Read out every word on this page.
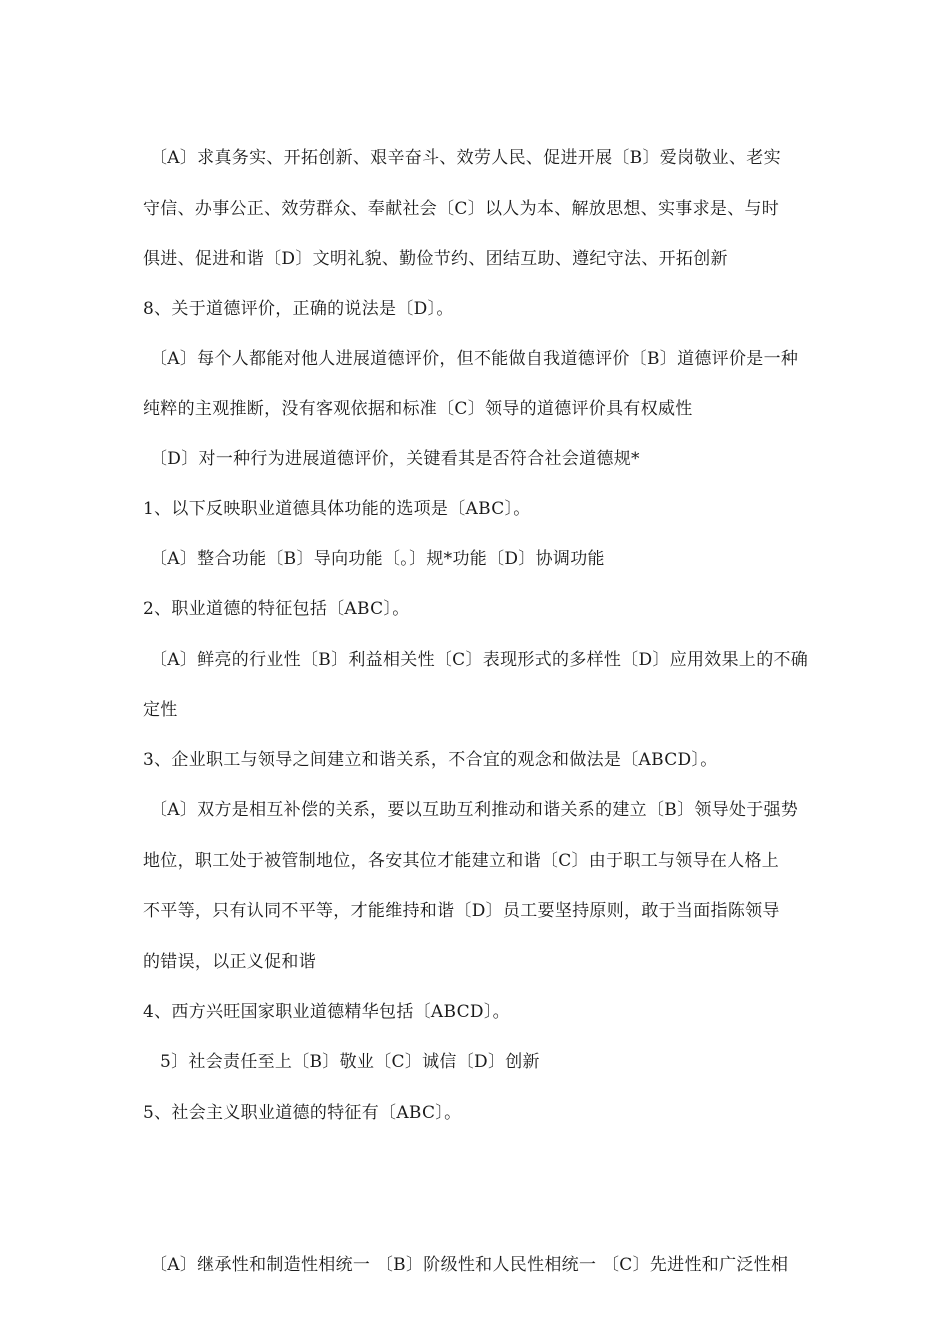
〔A〕求真务实、开拓创新、艰辛奋斗、效劳人民、促进开展〔B〕爱岗敬业、老实
守信、办事公正、效劳群众、奉献社会〔C〕以人为本、解放思想、实事求是、与时
俱进、促进和谐〔D〕文明礼貌、勤俭节约、团结互助、遵纪守法、开拓创新
8、关于道德评价，正确的说法是〔D〕。
〔A〕每个人都能对他人进展道德评价，但不能做自我道德评价〔B〕道德评价是一种
纯粹的主观推断，没有客观依据和标准〔C〕领导的道德评价具有权威性
〔D〕对一种行为进展道德评价，关键看其是否符合社会道德规*
1、以下反映职业道德具体功能的选项是〔ABC〕。
〔A〕整合功能〔B〕导向功能〔。〕规*功能〔D〕协调功能
2、职业道德的特征包括〔ABC〕。
〔A〕鲜亮的行业性〔B〕利益相关性〔C〕表现形式的多样性〔D〕应用效果上的不确
定性
3、企业职工与领导之间建立和谐关系，不合宜的观念和做法是〔ABCD〕。
〔A〕双方是相互补偿的关系，要以互助互利推动和谐关系的建立〔B〕领导处于强势
地位，职工处于被管制地位，各安其位才能建立和谐〔C〕由于职工与领导在人格上
不平等，只有认同不平等，才能维持和谐〔D〕员工要坚持原则，敢于当面指陈领导
的错误，以正义促和谐
4、西方兴旺国家职业道德精华包括〔ABCD〕。
5〕社会责任至上〔B〕敬业〔C〕诚信〔D〕创新
5、社会主义职业道德的特征有〔ABC〕。
〔A〕继承性和制造性相统一 〔B〕阶级性和人民性相统一 〔C〕先进性和广泛性相
